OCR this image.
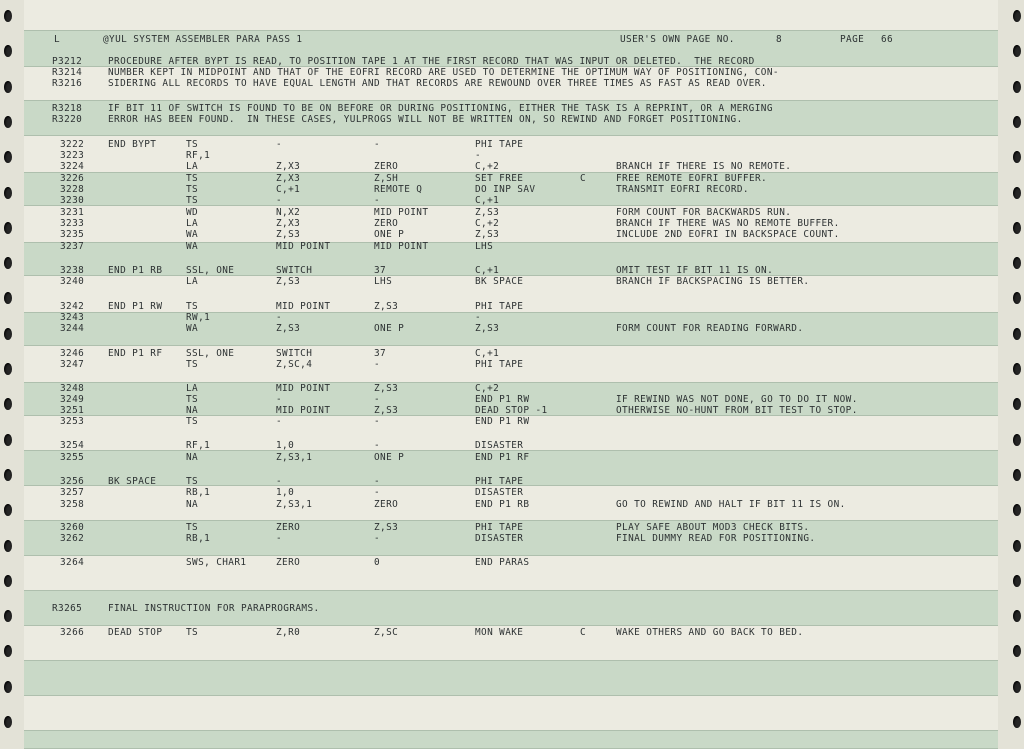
L

	@YUL SYSTEM ASSEMBLER PARA PASS 1

	USER'S OWN PAGE NO.

	8

	PAGE

66

P3212	PROCEDURE AFTER BYPT IS READ, TO POSITION TAPE 1 AT THE FIRST RECORD THAT WAS INPUT OR DELETED.  THE RECORD
R3214	NUMBER KEPT IN MIDPOINT AND THAT OF THE EOFRI RECORD ARE USED TO DETERMINE THE OPTIMUM WAY OF POSITIONING, CON-
R3216	SIDERING ALL RECORDS TO HAVE EQUAL LENGTH AND THAT RECORDS ARE REWOUND OVER THREE TIMES AS FAST AS READ OVER.
R3218	IF BIT 11 OF SWITCH IS FOUND TO BE ON BEFORE OR DURING POSITIONING, EITHER THE TASK IS A REPRINT, OR A MERGING
R3220	ERROR HAS BEEN FOUND.  IN THESE CASES, YULPROGS WILL NOT BE WRITTEN ON, SO REWIND AND FORGET POSITIONING.
R3265	FINAL INSTRUCTION FOR PARAPROGRAMS.
3222	END BYPT	TS	-	-	PHI TAPE
3223	RF,1	-
3224	LA	Z,X3	ZERO	C,+2	BRANCH IF THERE IS NO REMOTE.
3226	TS	Z,X3	Z,SH	SET FREE	C	FREE REMOTE EOFRI BUFFER.
3228	TS	C,+1	REMOTE Q	DO INP SAV	TRANSMIT EOFRI RECORD.
3230	TS	-	-	C,+1
3231	WD	N,X2	MID POINT	Z,S3	FORM COUNT FOR BACKWARDS RUN.
3233	LA	Z,X3	ZERO	C,+2	BRANCH IF THERE WAS NO REMOTE BUFFER.
3235	WA	Z,S3	ONE P	Z,S3	INCLUDE 2ND EOFRI IN BACKSPACE COUNT.
3237	WA	MID POINT	MID POINT	LHS
3238	END P1 RB	SSL, ONE	SWITCH	37	C,+1	OMIT TEST IF BIT 11 IS ON.
3240	LA	Z,S3	LHS	BK SPACE	BRANCH IF BACKSPACING IS BETTER.
3242	END P1 RW	TS	MID POINT	Z,S3	PHI TAPE
3243	RW,1	-	-
3244	WA	Z,S3	ONE P	Z,S3	FORM COUNT FOR READING FORWARD.
3246	END P1 RF	SSL, ONE	SWITCH	37	C,+1
3247	TS	Z,SC,4	-	PHI TAPE
3248	LA	MID POINT	Z,S3	C,+2
3249	TS	-	-	END P1 RW	IF REWIND WAS NOT DONE, GO TO DO IT NOW.
3251	NA	MID POINT	Z,S3	DEAD STOP -1	OTHERWISE NO-HUNT FROM BIT TEST TO STOP.
3253	TS	-	-	END P1 RW
3254	RF,1	1,0	-	DISASTER
3255	NA	Z,S3,1	ONE P	END P1 RF
3256	BK SPACE	TS	-	-	PHI TAPE
3257	RB,1	1,0	-	DISASTER
3258	NA	Z,S3,1	ZERO	END P1 RB	GO TO REWIND AND HALT IF BIT 11 IS ON.
3260	TS	ZERO	Z,S3	PHI TAPE	PLAY SAFE ABOUT MOD3 CHECK BITS.
3262	RB,1	-	-	DISASTER	FINAL DUMMY READ FOR POSITIONING.
3264	SWS, CHAR1	ZERO	0	END PARAS
3266	DEAD STOP	TS	Z,R0	Z,SC	MON WAKE	C	WAKE OTHERS AND GO BACK TO BED.
